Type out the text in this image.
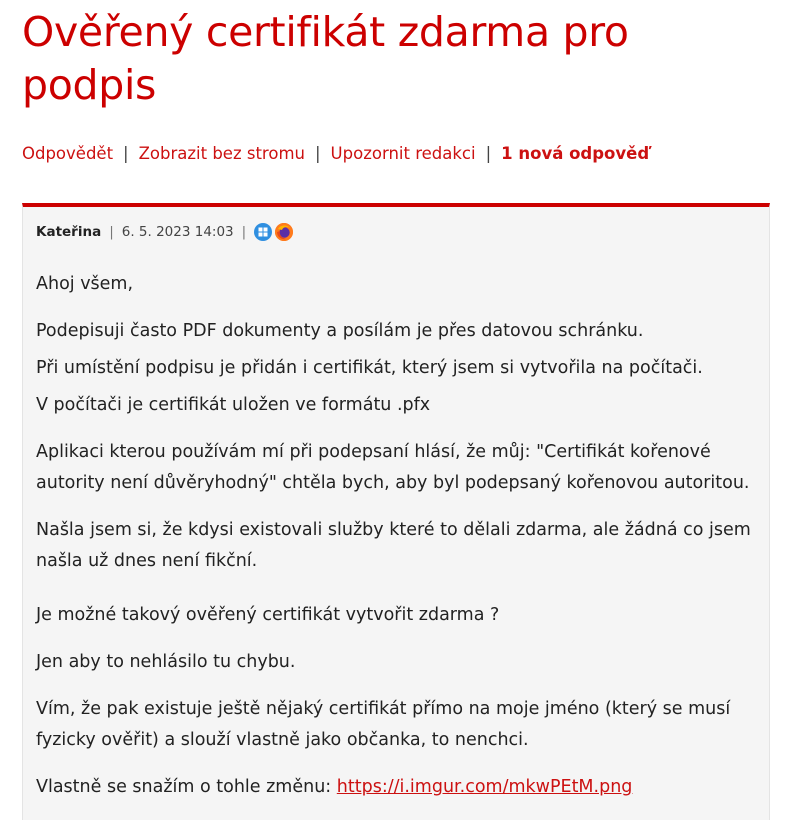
Ověřený certifikát zdarma pro podpis
Odpovědět | Zobrazit bez stromu | Upozornit redakci | 1 nová odpověď
Kateřina | 6. 5. 2023 14:03 |

Ahoj všem,

Podepisuji často PDF dokumenty a posílám je přes datovou schránku.

Při umístění podpisu je přidán i certifikát, který jsem si vytvořila na počítači.

V počítači je certifikát uložen ve formátu .pfx

Aplikaci kterou používám mí při podepsaní hlásí, že můj: "Certifikát kořenové autority není důvěryhodný" chtěla bych, aby byl podepsaný kořenovou autoritou.

Našla jsem si, že kdysi existovali služby které to dělali zdarma, ale žádná co jsem našla už dnes není fikční.

Je možné takový ověřený certifikát vytvořit zdarma ?

Jen aby to nehlásilo tu chybu.

Vím, že pak existuje ještě nějaký certifikát přímo na moje jméno (který se musí fyzicky ověřit) a slouží vlastně jako občanka, to nenchci.

Vlastně se snažím o tohle změnu: https://i.imgur.com/mkwPEtM.png
